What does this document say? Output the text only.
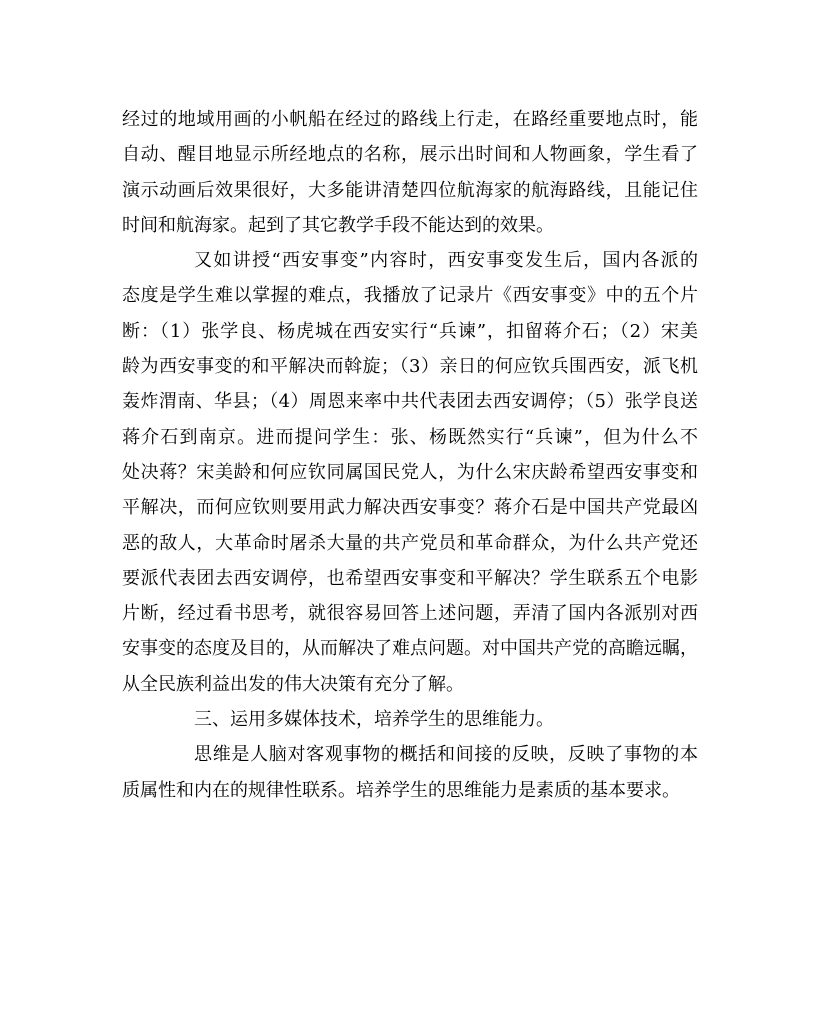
经过的地域用画的小帆船在经过的路线上行走，在路经重要地点时，能
自动、醒目地显示所经地点的名称，展示出时间和人物画象，学生看了
演示动画后效果很好，大多能讲清楚四位航海家的航海路线，且能记住
时间和航海家。起到了其它教学手段不能达到的效果。
又如讲授“西安事变”内容时，西安事变发生后，国内各派的
态度是学生难以掌握的难点，我播放了记录片《西安事变》中的五个片
断：（1）张学良、杨虎城在西安实行“兵谏”，扣留蒋介石；（2）宋美
龄为西安事变的和平解决而斡旋；（3）亲日的何应钦兵围西安，派飞机
轰炸渭南、华县；（4）周恩来率中共代表团去西安调停；（5）张学良送
蒋介石到南京。进而提问学生：张、杨既然实行“兵谏”，但为什么不
处决蒋？宋美龄和何应钦同属国民党人，为什么宋庆龄希望西安事变和
平解决，而何应钦则要用武力解决西安事变？蒋介石是中国共产党最凶
恶的敌人，大革命时屠杀大量的共产党员和革命群众，为什么共产党还
要派代表团去西安调停，也希望西安事变和平解决？学生联系五个电影
片断，经过看书思考，就很容易回答上述问题，弄清了国内各派别对西
安事变的态度及目的，从而解决了难点问题。对中国共产党的高瞻远瞩，
从全民族利益出发的伟大决策有充分了解。
三、运用多媒体技术，培养学生的思维能力。
思维是人脑对客观事物的概括和间接的反映，反映了事物的本
质属性和内在的规律性联系。培养学生的思维能力是素质的基本要求。
